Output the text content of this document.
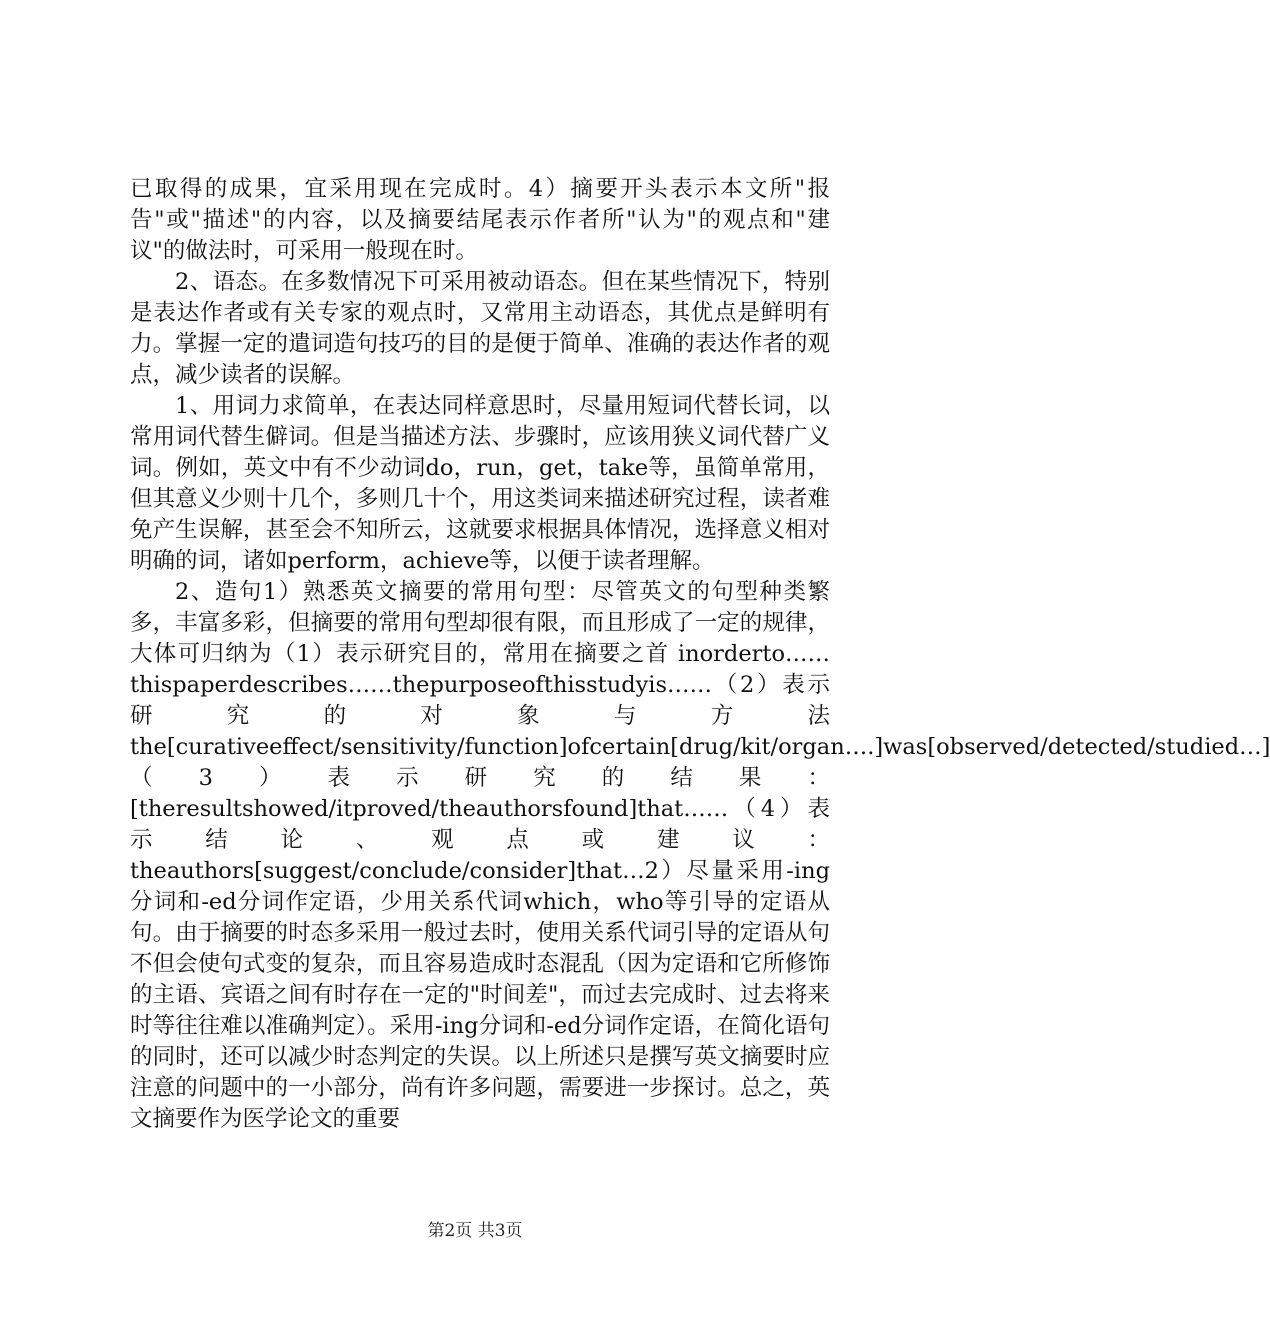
已取得的成果，宜采用现在完成时。4）摘要开头表示本文所"报告"或"描述"的内容，以及摘要结尾表示作者所"认为"的观点和"建议"的做法时，可采用一般现在时。

2、语态。在多数情况下可采用被动语态。但在某些情况下，特别是表达作者或有关专家的观点时，又常用主动语态，其优点是鲜明有力。掌握一定的遣词造句技巧的目的是便于简单、准确的表达作者的观点，减少读者的误解。

1、用词力求简单，在表达同样意思时，尽量用短词代替长词，以常用词代替生僻词。但是当描述方法、步骤时，应该用狭义词代替广义词。例如，英文中有不少动词do，run，get，take等，虽简单常用，但其意义少则十几个，多则几十个，用这类词来描述研究过程，读者难免产生误解，甚至会不知所云，这就要求根据具体情况，选择意义相对明确的词，诸如perform，achieve等，以便于读者理解。

2、造句1）熟悉英文摘要的常用句型：尽管英文的句型种类繁多，丰富多彩，但摘要的常用句型却很有限，而且形成了一定的规律，大体可归纳为（1）表示研究目的，常用在摘要之首 inorderto……thispaperdescribes……thepurposeofthisstudyis……（2）表示研究的对象与方法the[curativeeffect/sensitivity/function]ofcertain[drug/kit/organ….]was[observed/detected/studied…]（3）表示研究的结果：[theresultshowed/itproved/theauthorsfound]that……（4）表示结论、观点或建议：theauthors[suggest/conclude/consider]that…2）尽量采用-ing分词和-ed分词作定语，少用关系代词which，who等引导的定语从句。由于摘要的时态多采用一般过去时，使用关系代词引导的定语从句不但会使句式变的复杂，而且容易造成时态混乱（因为定语和它所修饰的主语、宾语之间有时存在一定的"时间差"，而过去完成时、过去将来时等往往难以准确判定）。采用-ing分词和-ed分词作定语，在简化语句的同时，还可以减少时态判定的失误。以上所述只是撰写英文摘要时应注意的问题中的一小部分，尚有许多问题，需要进一步探讨。总之，英文摘要作为医学论文的重要

第2页 共3页
